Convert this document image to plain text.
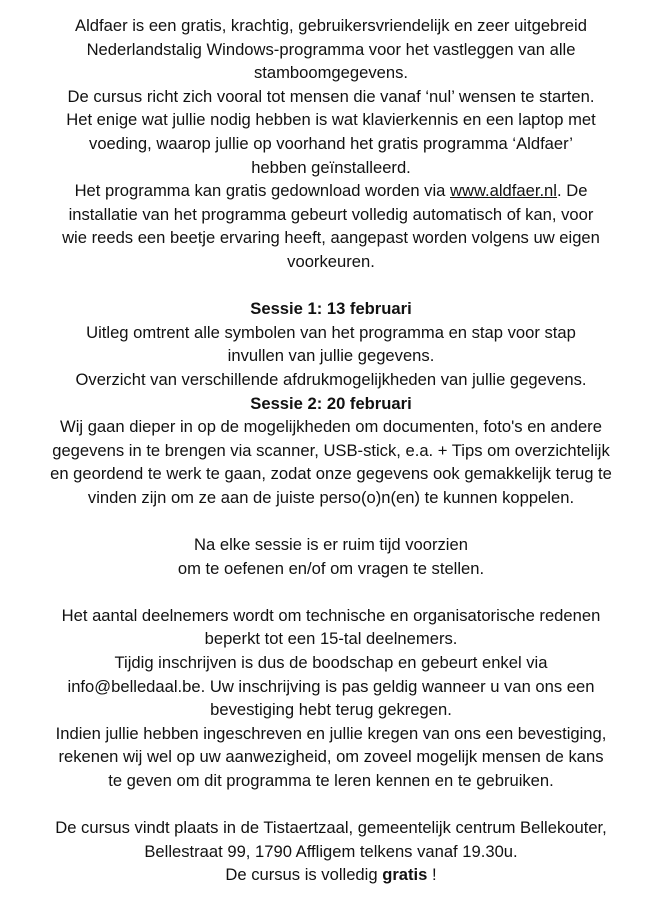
Aldfaer is een gratis, krachtig, gebruikersvriendelijk en zeer uitgebreid
Nederlandstalig Windows-programma voor het vastleggen van alle
stamboomgegevens.
De cursus richt zich vooral tot mensen die vanaf ‘nul’ wensen te starten.
Het enige wat jullie nodig hebben is wat klavierkennis en een laptop met
voeding, waarop jullie op voorhand het gratis programma ‘Aldfaer’
hebben geïnstalleerd.
Het programma kan gratis gedownload worden via www.aldfaer.nl. De
installatie van het programma gebeurt volledig automatisch of kan, voor
wie reeds een beetje ervaring heeft, aangepast worden volgens uw eigen
voorkeuren.
Sessie 1: 13 februari
Uitleg omtrent alle symbolen van het programma en stap voor stap
invullen van jullie gegevens.
Overzicht van verschillende afdrukmogelijkheden van jullie gegevens.
Sessie 2: 20 februari
Wij gaan dieper in op de mogelijkheden om documenten, foto's en andere
gegevens in te brengen via scanner, USB-stick, e.a. + Tips om overzichtelijk
en geordend te werk te gaan, zodat onze gegevens ook gemakkelijk terug te
vinden zijn om ze aan de juiste perso(o)n(en) te kunnen koppelen.
Na elke sessie is er ruim tijd voorzien
om te oefenen en/of om vragen te stellen.
Het aantal deelnemers wordt om technische en organisatorische redenen
beperkt tot een 15-tal deelnemers.
Tijdig inschrijven is dus de boodschap en gebeurt enkel via
info@belledaal.be. Uw inschrijving is pas geldig wanneer u van ons een
bevestiging hebt terug gekregen.
Indien jullie hebben ingeschreven en jullie kregen van ons een bevestiging,
rekenen wij wel op uw aanwezigheid, om zoveel mogelijk mensen de kans
te geven om dit programma te leren kennen en te gebruiken.
De cursus vindt plaats in de Tistaertzaal, gemeentelijk centrum Bellekouter,
Bellestraat 99, 1790 Affligem telkens vanaf 19.30u.
De cursus is volledig gratis !
